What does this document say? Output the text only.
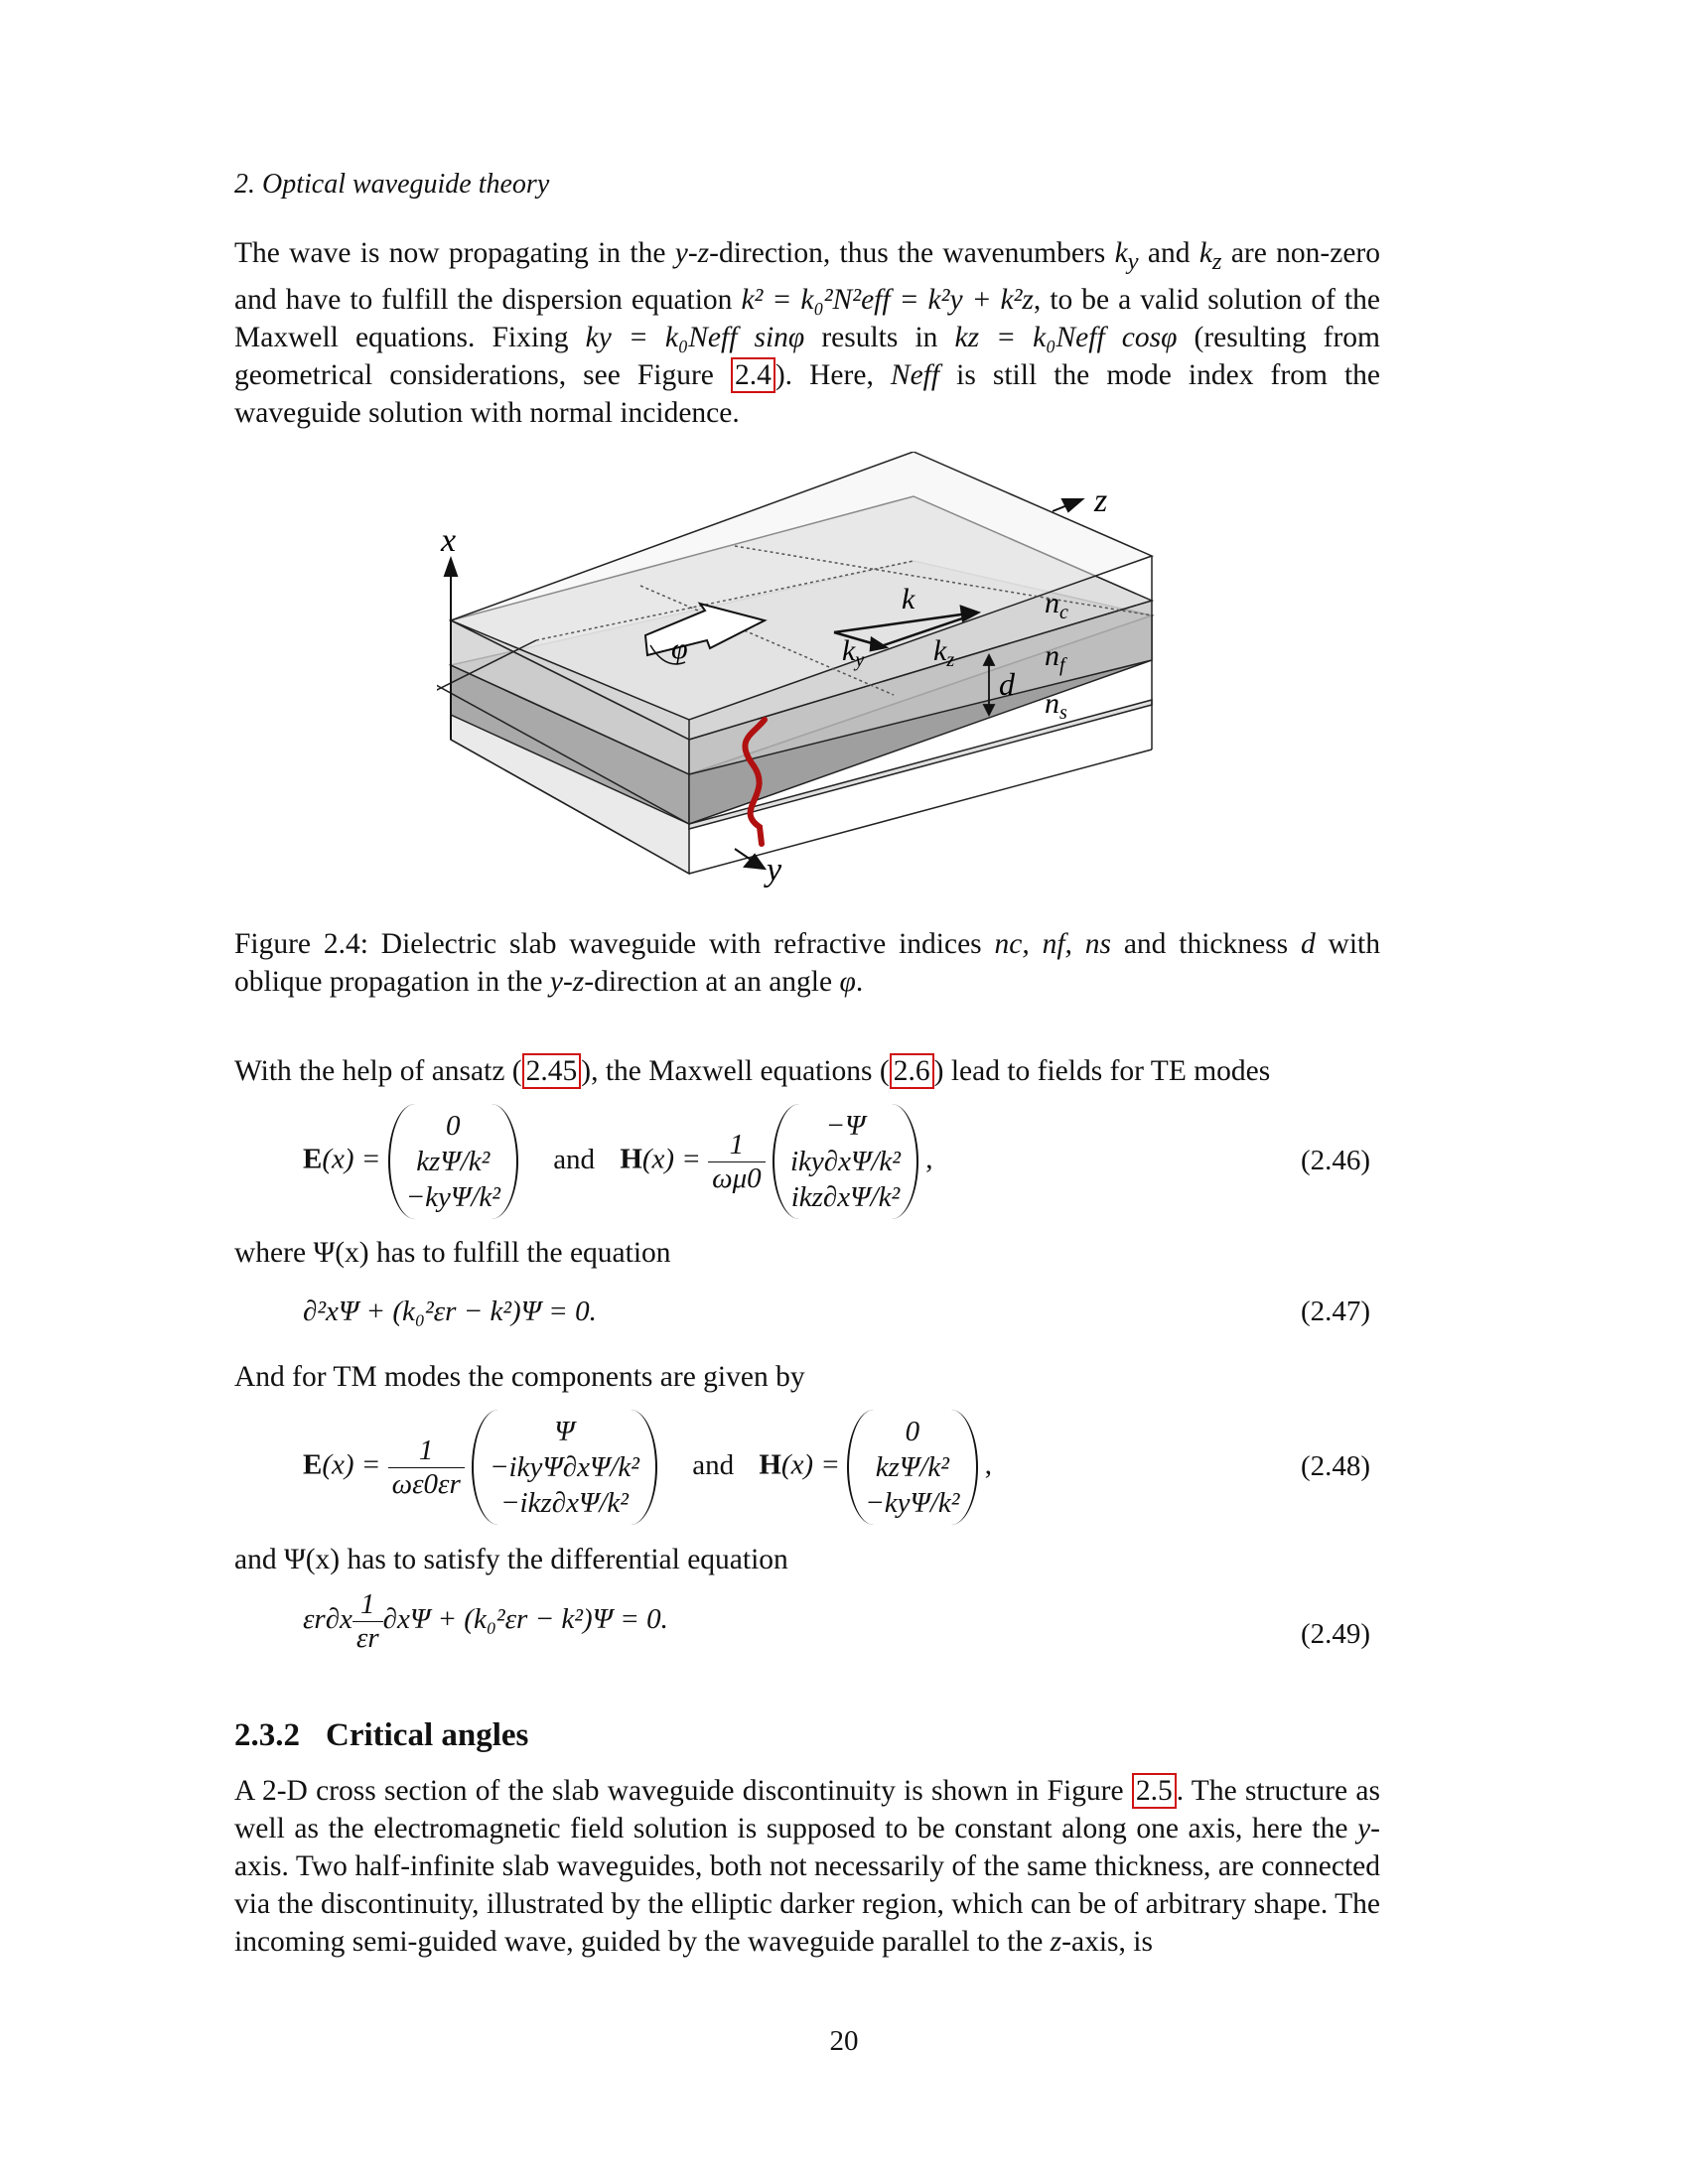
2. Optical waveguide theory
The wave is now propagating in the y-z-direction, thus the wavenumbers $k_y$ and $k_z$ are non-zero and have to fulfill the dispersion equation k² = k₀²N²eff = k²y + k²z, to be a valid solution of the Maxwell equations. Fixing ky = k₀Neff sinφ results in kz = k₀Neff cosφ (resulting from geometrical considerations, see Figure 2.4 ). Here, Neff is still the mode index from the waveguide solution with normal incidence.
x
z
y
φ
k
$k_y$ $k_z$
d
$n_c$
$n_f$
$n_s$
Figure 2.4: Dielectric slab waveguide with refractive indices nc, nf, ns and thickness d with oblique propagation in the y-z-direction at an angle φ.
With the help of ansatz ( 2.45 ), the Maxwell equations ( 2.6 ) lead to fields for TE modes
E(x) = 0
kzΨ/k²
−kyΨ/k² and $H(x) = \frac{1}{\omega\mu 0}$
−Ψ
iky∂xΨ/k²
ikz∂xΨ/k² ,	(2.46)
where Ψ(x) has to fulfill the equation
∂²xΨ + (k₀²εr − k²)Ψ = 0.	(2.47)
And for TM modes the components are given by
$E(x) = \frac{1}{\omega\varepsilon 0\varepsilon r}$
Ψ
−ikyΨ∂xΨ/k²
−ikz∂xΨ/k² and H(x) = 0
kzΨ/k²
−kyΨ/k² ,	(2.48)
and Ψ(x) has to satisfy the differential equation
$\varepsilon r\partial x \frac{1}{\varepsilon r} \partial x\Psi + (k_0^2\varepsilon r - k^2)\Psi = 0$.	(2.49)
2.3.2 Critical angles
A 2-D cross section of the slab waveguide discontinuity is shown in Figure 2.5 . The structure as well as the electromagnetic field solution is supposed to be constant along one axis, here the y-axis. Two half-infinite slab waveguides, both not necessarily of the same thickness, are connected via the discontinuity, illustrated by the elliptic darker region, which can be of arbitrary shape. The incoming semi-guided wave, guided by the waveguide parallel to the z-axis, is
20
